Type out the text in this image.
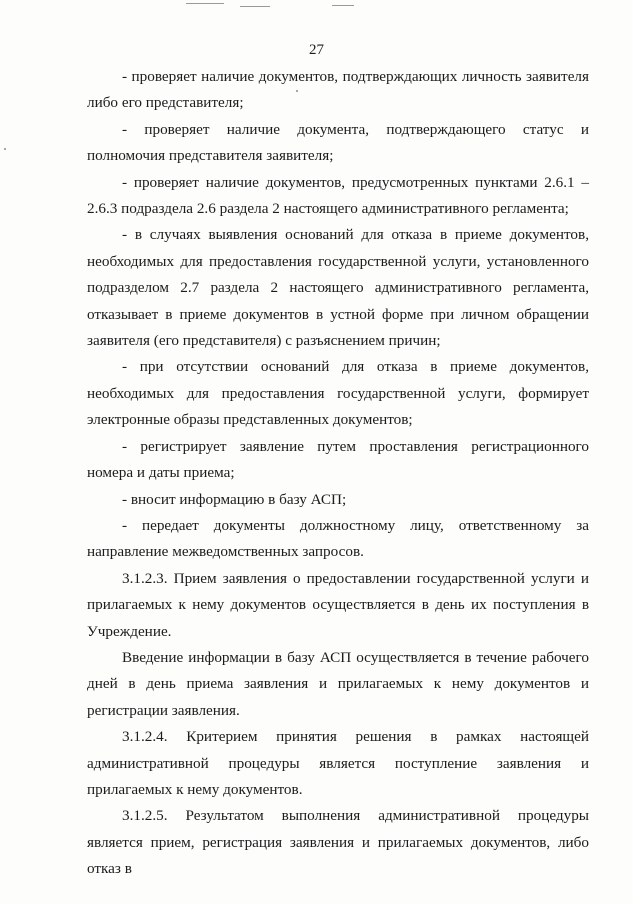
27

- проверяет наличие документов, подтверждающих личность заявителя либо его представителя;

- проверяет наличие документа, подтверждающего статус и полномочия представителя заявителя;

- проверяет наличие документов, предусмотренных пунктами 2.6.1 – 2.6.3 подраздела 2.6 раздела 2 настоящего административного регламента;

- в случаях выявления оснований для отказа в приеме документов, необходимых для предоставления государственной услуги, установленного подразделом 2.7 раздела 2 настоящего административного регламента, отказывает в приеме документов в устной форме при личном обращении заявителя (его представителя) с разъяснением причин;

- при отсутствии оснований для отказа в приеме документов, необходимых для предоставления государственной услуги, формирует электронные образы представленных документов;

- регистрирует заявление путем проставления регистрационного номера и даты приема;

- вносит информацию в базу АСП;

- передает документы должностному лицу, ответственному за направление межведомственных запросов.

3.1.2.3. Прием заявления о предоставлении государственной услуги и прилагаемых к нему документов осуществляется в день их поступления в Учреждение.

Введение информации в базу АСП осуществляется в течение рабочего дней в день приема заявления и прилагаемых к нему документов и регистрации заявления.

3.1.2.4. Критерием принятия решения в рамках настоящей административной процедуры является поступление заявления и прилагаемых к нему документов.

3.1.2.5. Результатом выполнения административной процедуры является прием, регистрация заявления и прилагаемых документов, либо отказ в
